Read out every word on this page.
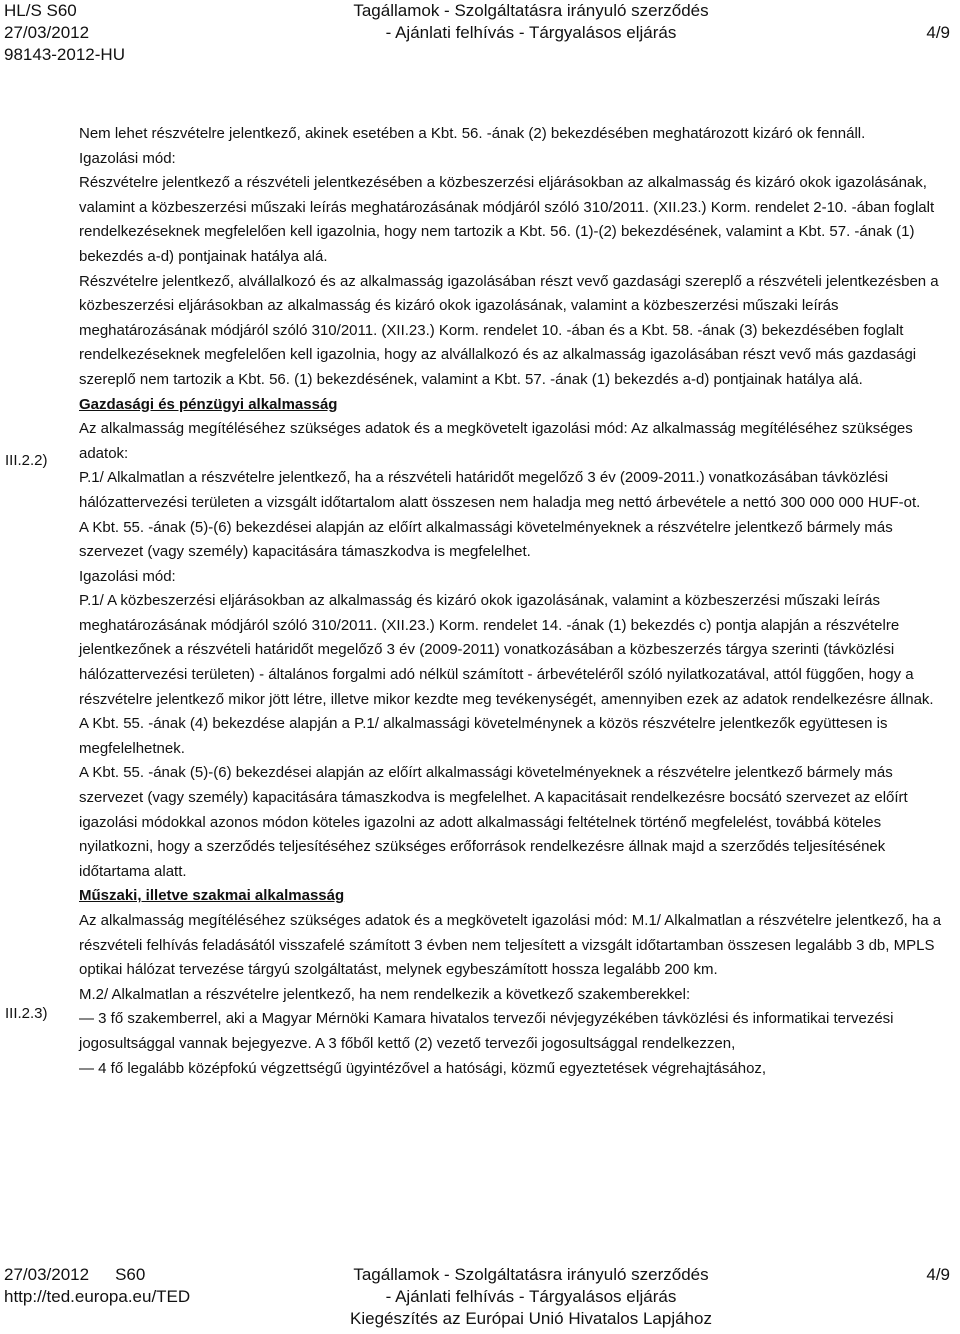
HL/S S60
27/03/2012
98143-2012-HU
Tagállamok - Szolgáltatásra irányuló szerződés
- Ajánlati felhívás - Tárgyalásos eljárás	4/9
III.2.2)
III.2.3)

Nem lehet részvételre jelentkező, akinek esetében a Kbt. 56. -ának (2) bekezdésében meghatározott kizáró ok fennáll.

Igazolási mód:

Részvételre jelentkező a részvételi jelentkezésében a közbeszerzési eljárásokban az alkalmasság és kizáró okok igazolásának, valamint a közbeszerzési műszaki leírás meghatározásának módjáról szóló 310/2011. (XII.23.) Korm. rendelet 2-10. -ában foglalt rendelkezéseknek megfelelően kell igazolnia, hogy nem tartozik a Kbt. 56. (1)-(2) bekezdésének, valamint a Kbt. 57. -ának (1) bekezdés a-d) pontjainak hatálya alá.

Részvételre jelentkező, alvállalkozó és az alkalmasság igazolásában részt vevő gazdasági szereplő a részvételi jelentkezésben a közbeszerzési eljárásokban az alkalmasság és kizáró okok igazolásának, valamint a közbeszerzési műszaki leírás meghatározásának módjáról szóló 310/2011. (XII.23.) Korm. rendelet 10. -ában és a Kbt. 58. -ának (3) bekezdésében foglalt rendelkezéseknek megfelelően kell igazolnia, hogy az alvállalkozó és az alkalmasság igazolásában részt vevő más gazdasági szereplő nem tartozik a Kbt. 56. (1) bekezdésének, valamint a Kbt. 57. -ának (1) bekezdés a-d) pontjainak hatálya alá.

Gazdasági és pénzügyi alkalmasság

Az alkalmasság megítéléséhez szükséges adatok és a megkövetelt igazolási mód: Az alkalmasság megítéléséhez szükséges adatok:

P.1/ Alkalmatlan a részvételre jelentkező, ha a részvételi határidőt megelőző 3 év (2009-2011.) vonatkozásában távközlési hálózattervezési területen a vizsgált időtartalom alatt összesen nem haladja meg nettó árbevétele a nettó 300 000 000 HUF-ot.

A Kbt. 55. -ának (5)-(6) bekezdései alapján az előírt alkalmassági követelményeknek a részvételre jelentkező bármely más szervezet (vagy személy) kapacitására támaszkodva is megfelelhet.

Igazolási mód:

P.1/ A közbeszerzési eljárásokban az alkalmasság és kizáró okok igazolásának, valamint a közbeszerzési műszaki leírás meghatározásának módjáról szóló 310/2011. (XII.23.) Korm. rendelet 14. -ának (1) bekezdés c) pontja alapján a részvételre jelentkezőnek a részvételi határidőt megelőző 3 év (2009-2011) vonatkozásában a közbeszerzés tárgya szerinti (távközlési hálózattervezési területen) - általános forgalmi adó nélkül számított - árbevételéről szóló nyilatkozatával, attól függően, hogy a részvételre jelentkező mikor jött létre, illetve mikor kezdte meg tevékenységét, amennyiben ezek az adatok rendelkezésre állnak.

A Kbt. 55. -ának (4) bekezdése alapján a P.1/ alkalmassági követelménynek a közös részvételre jelentkezők együttesen is megfelelhetnek.

A Kbt. 55. -ának (5)-(6) bekezdései alapján az előírt alkalmassági követelményeknek a részvételre jelentkező bármely más szervezet (vagy személy) kapacitására támaszkodva is megfelelhet. A kapacitásait rendelkezésre bocsátó szervezet az előírt igazolási módokkal azonos módon köteles igazolni az adott alkalmassági feltételnek történő megfelelést, továbbá köteles nyilatkozni, hogy a szerződés teljesítéséhez szükséges erőforrások rendelkezésre állnak majd a szerződés teljesítésének időtartama alatt.

Műszaki, illetve szakmai alkalmasság

Az alkalmasság megítéléséhez szükséges adatok és a megkövetelt igazolási mód: M.1/ Alkalmatlan a részvételre jelentkező, ha a részvételi felhívás feladásától visszafelé számított 3 évben nem teljesített a vizsgált időtartamban összesen legalább 3 db, MPLS optikai hálózat tervezése tárgyú szolgáltatást, melynek egybeszámított hossza legalább 200 km.

M.2/ Alkalmatlan a részvételre jelentkező, ha nem rendelkezik a következő szakemberekkel:

— 3 fő szakemberrel, aki a Magyar Mérnöki Kamara hivatalos tervezői névjegyzékében távközlési és informatikai tervezési jogosultsággal vannak bejegyezve. A 3 főből kettő (2) vezető tervezői jogosultsággal rendelkezzen,

— 4 fő legalább középfokú végzettségű ügyintézővel a hatósági, közmű egyeztetések végrehajtásához,

27/03/2012 S60
http://ted.europa.eu/TED
Tagállamok - Szolgáltatásra irányuló szerződés
- Ajánlati felhívás - Tárgyalásos eljárás
Kiegészítés az Európai Unió Hivatalos Lapjához
4/9
